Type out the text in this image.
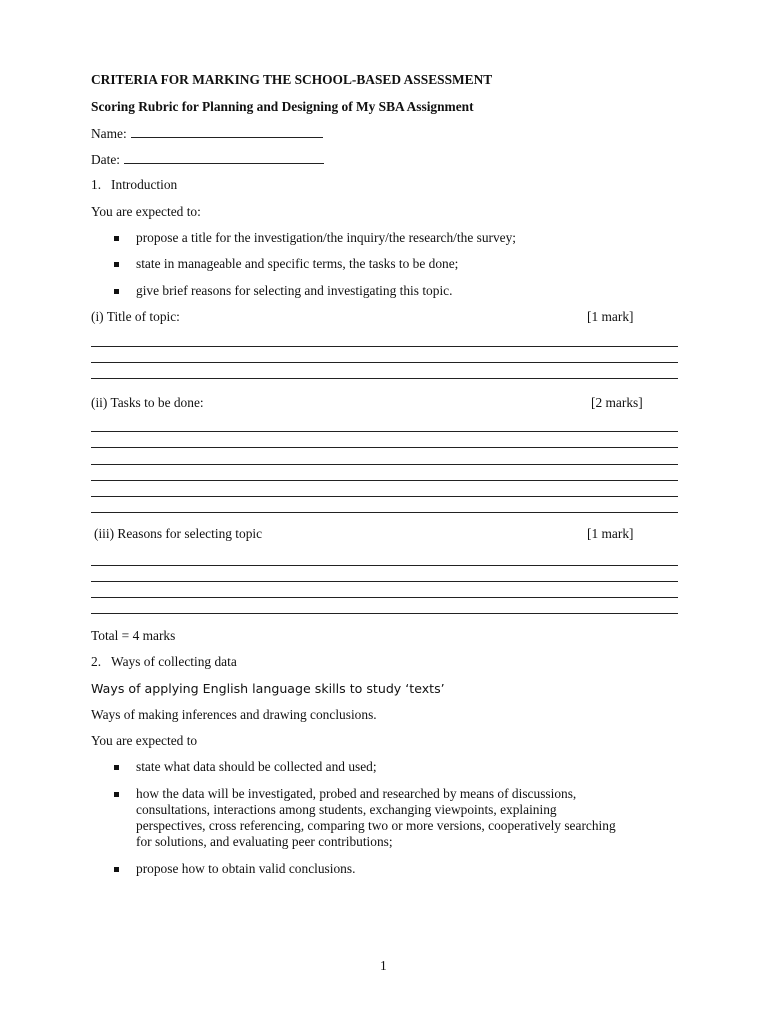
CRITERIA FOR MARKING THE SCHOOL-BASED ASSESSMENT
Scoring Rubric for Planning and Designing of My SBA Assignment
Name:
Date:
1. Introduction
You are expected to:
propose a title for the investigation/the inquiry/the research/the survey;
state in manageable and specific terms, the tasks to be done;
give brief reasons for selecting and investigating this topic.
(i) Title of topic:	[1 mark]
(ii) Tasks to be done:	[2 marks]
(iii) Reasons for selecting topic	[1 mark]
Total = 4 marks
2. Ways of collecting data
Ways of applying English language skills to study ‘texts’
Ways of making inferences and drawing conclusions.
You are expected to
state what data should be collected and used;
how the data will be investigated, probed and researched by means of discussions,
consultations, interactions among students, exchanging viewpoints, explaining
perspectives, cross referencing, comparing two or more versions, cooperatively searching
for solutions, and evaluating peer contributions;
propose how to obtain valid conclusions.
1
